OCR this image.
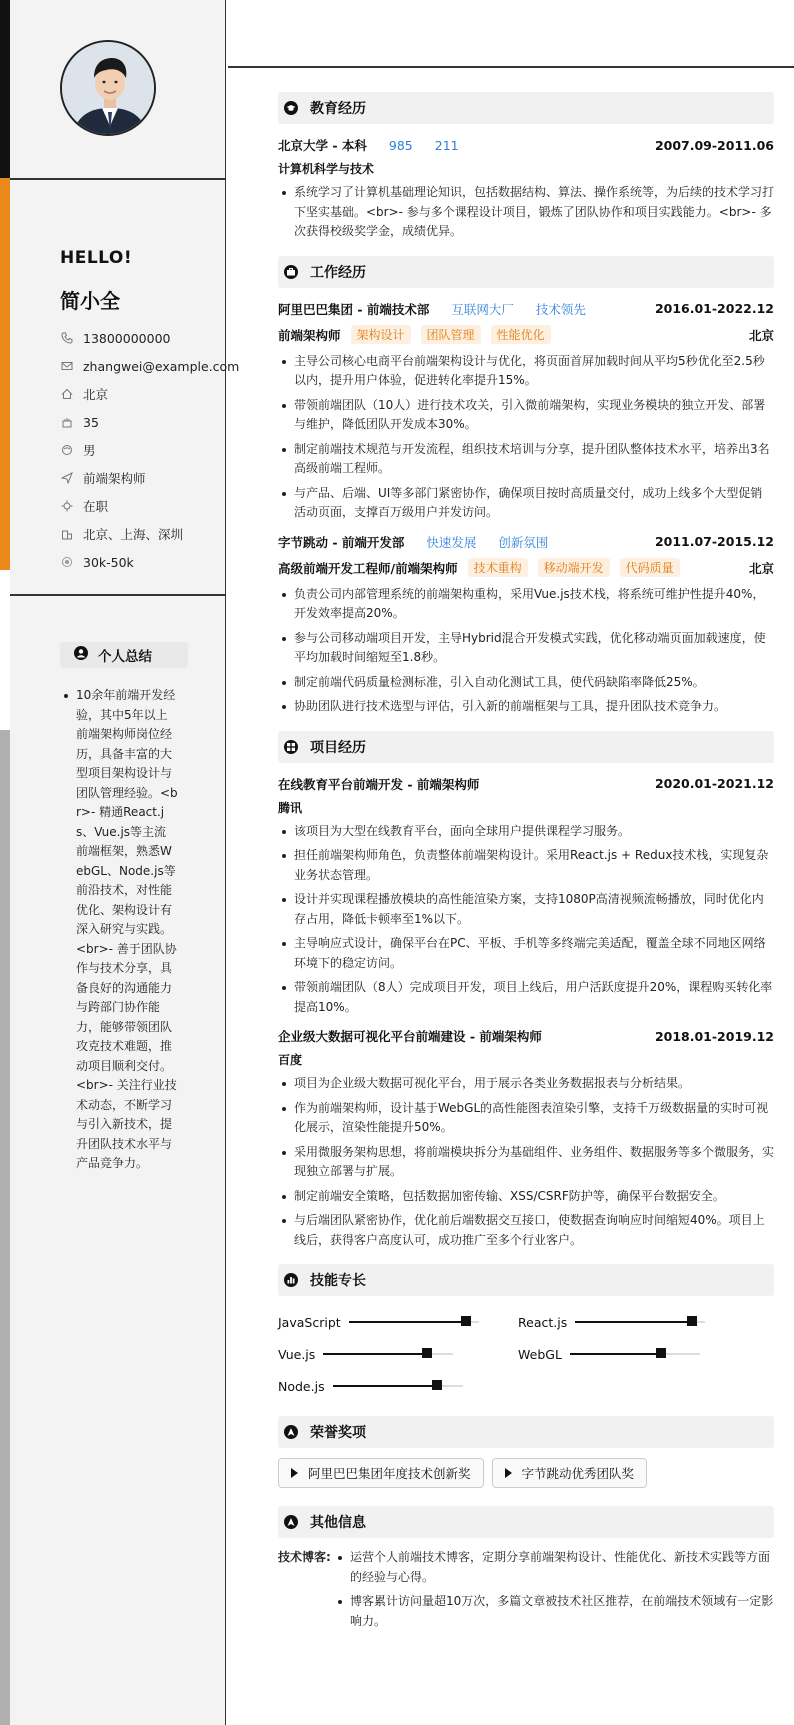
HELLO!
简小全
13800000000
zhangwei@example.com
北京
35
男
前端架构师
在职
北京、上海、深圳
30k-50k
个人总结
10余年前端开发经验，其中5年以上前端架构师岗位经历，具备丰富的大型项目架构设计与团队管理经验。<br>- 精通React.js、Vue.js等主流前端框架，熟悉WebGL、Node.js等前沿技术，对性能优化、架构设计有深入研究与实践。<br>- 善于团队协作与技术分享，具备良好的沟通能力与跨部门协作能力，能够带领团队攻克技术难题，推动项目顺利交付。<br>- 关注行业技术动态，不断学习与引入新技术，提升团队技术水平与产品竞争力。
教育经历
北京大学 - 本科 985 211	2007.09-2011.06
计算机科学与技术
系统学习了计算机基础理论知识，包括数据结构、算法、操作系统等，为后续的技术学习打下坚实基础。<br>- 参与多个课程设计项目，锻炼了团队协作和项目实践能力。<br>- 多次获得校级奖学金，成绩优异。
工作经历
阿里巴巴集团 - 前端技术部 互联网大厂 技术领先	2016.01-2022.12
前端架构师	架构设计	团队管理	性能优化	北京
主导公司核心电商平台前端架构设计与优化，将页面首屏加载时间从平均5秒优化至2.5秒以内，提升用户体验，促进转化率提升15%。
带领前端团队（10人）进行技术攻关，引入微前端架构，实现业务模块的独立开发、部署与维护，降低团队开发成本30%。
制定前端技术规范与开发流程，组织技术培训与分享，提升团队整体技术水平，培养出3名高级前端工程师。
与产品、后端、UI等多部门紧密协作，确保项目按时高质量交付，成功上线多个大型促销活动页面，支撑百万级用户并发访问。
字节跳动 - 前端开发部 快速发展 创新氛围	2011.07-2015.12
高级前端开发工程师/前端架构师	技术重构	移动端开发	代码质量	北京
负责公司内部管理系统的前端架构重构，采用Vue.js技术栈，将系统可维护性提升40%，开发效率提高20%。
参与公司移动端项目开发，主导Hybrid混合开发模式实践，优化移动端页面加载速度，使平均加载时间缩短至1.8秒。
制定前端代码质量检测标准，引入自动化测试工具，使代码缺陷率降低25%。
协助团队进行技术选型与评估，引入新的前端框架与工具，提升团队技术竞争力。
项目经历
在线教育平台前端开发 - 前端架构师	2020.01-2021.12
腾讯
该项目为大型在线教育平台，面向全球用户提供课程学习服务。
担任前端架构师角色，负责整体前端架构设计。采用React.js + Redux技术栈，实现复杂业务状态管理。
设计并实现课程播放模块的高性能渲染方案，支持1080P高清视频流畅播放，同时优化内存占用，降低卡顿率至1%以下。
主导响应式设计，确保平台在PC、平板、手机等多终端完美适配，覆盖全球不同地区网络环境下的稳定访问。
带领前端团队（8人）完成项目开发，项目上线后，用户活跃度提升20%，课程购买转化率提高10%。
企业级大数据可视化平台前端建设 - 前端架构师	2018.01-2019.12
百度
项目为企业级大数据可视化平台，用于展示各类业务数据报表与分析结果。
作为前端架构师，设计基于WebGL的高性能图表渲染引擎，支持千万级数据量的实时可视化展示，渲染性能提升50%。
采用微服务架构思想，将前端模块拆分为基础组件、业务组件、数据服务等多个微服务，实现独立部署与扩展。
制定前端安全策略，包括数据加密传输、XSS/CSRF防护等，确保平台数据安全。
与后端团队紧密协作，优化前后端数据交互接口，使数据查询响应时间缩短40%。项目上线后，获得客户高度认可，成功推广至多个行业客户。
技能专长
JavaScript	React.js
Vue.js	WebGL
Node.js
荣誉奖项
阿里巴巴集团年度技术创新奖	字节跳动优秀团队奖
其他信息
技术博客:	运营个人前端技术博客，定期分享前端架构设计、性能优化、新技术实践等方面的经验与心得。
博客累计访问量超10万次，多篇文章被技术社区推荐，在前端技术领域有一定影响力。
